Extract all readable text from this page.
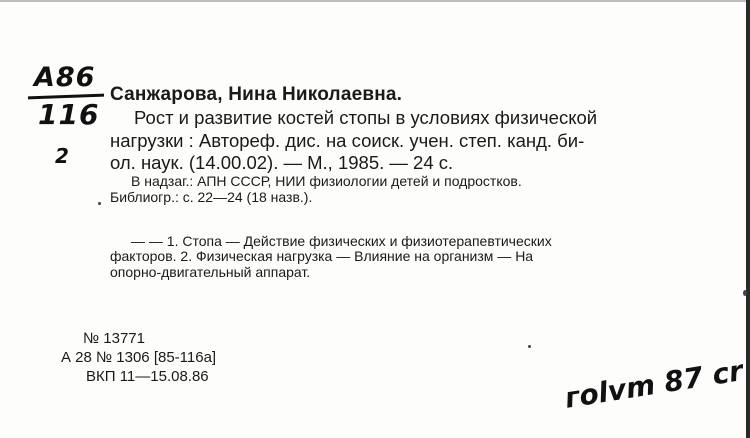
А86
116
2
Санжарова, Нина Николаевна.
Рост и развитие костей стопы в условиях физической
нагрузки : Автореф. дис. на соиск. учен. степ. канд. би-
ол. наук. (14.00.02). — М., 1985. — 24 с.
В надзаг.: АПН СССР, НИИ физиологии детей и подростков.
Библиогр.: с. 22—24 (18 назв.).
— — 1. Стопа — Действие физических и физиотерапевтических
факторов. 2. Физическая нагрузка — Влияние на организм — На
опорно-двигательный аппарат.
№ 13771
А 28 № 1306 [85-116а]
ВКП 11—15.08.86	гоlvm 87 сr
